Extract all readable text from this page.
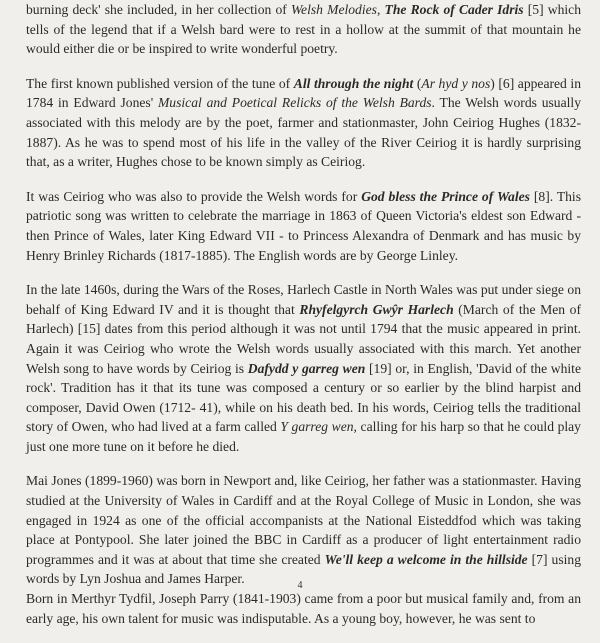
burning deck' she included, in her collection of Welsh Melodies, The Rock of Cader Idris [5] which tells of the legend that if a Welsh bard were to rest in a hollow at the summit of that mountain he would either die or be inspired to write wonderful poetry.

The first known published version of the tune of All through the night (Ar hyd y nos) [6] appeared in 1784 in Edward Jones' Musical and Poetical Relicks of the Welsh Bards. The Welsh words usually associated with this melody are by the poet, farmer and stationmaster, John Ceiriog Hughes (1832-1887). As he was to spend most of his life in the valley of the River Ceiriog it is hardly surprising that, as a writer, Hughes chose to be known simply as Ceiriog.

It was Ceiriog who was also to provide the Welsh words for God bless the Prince of Wales [8]. This patriotic song was written to celebrate the marriage in 1863 of Queen Victoria's eldest son Edward - then Prince of Wales, later King Edward VII - to Princess Alexandra of Denmark and has music by Henry Brinley Richards (1817-1885). The English words are by George Linley.

In the late 1460s, during the Wars of the Roses, Harlech Castle in North Wales was put under siege on behalf of King Edward IV and it is thought that Rhyfelgyrch Gwŷr Harlech (March of the Men of Harlech) [15] dates from this period although it was not until 1794 that the music appeared in print. Again it was Ceiriog who wrote the Welsh words usually associated with this march. Yet another Welsh song to have words by Ceiriog is Dafydd y garreg wen [19] or, in English, 'David of the white rock'. Tradition has it that its tune was composed a century or so earlier by the blind harpist and composer, David Owen (1712- 41), while on his death bed. In his words, Ceiriog tells the traditional story of Owen, who had lived at a farm called Y garreg wen, calling for his harp so that he could play just one more tune on it before he died.

Mai Jones (1899-1960) was born in Newport and, like Ceiriog, her father was a stationmaster. Having studied at the University of Wales in Cardiff and at the Royal College of Music in London, she was engaged in 1924 as one of the official accompanists at the National Eisteddfod which was taking place at Pontypool. She later joined the BBC in Cardiff as a producer of light entertainment radio programmes and it was at about that time she created We'll keep a welcome in the hillside [7] using words by Lyn Joshua and James Harper.

Born in Merthyr Tydfil, Joseph Parry (1841-1903) came from a poor but musical family and, from an early age, his own talent for music was indisputable. As a young boy, however, he was sent to

4
